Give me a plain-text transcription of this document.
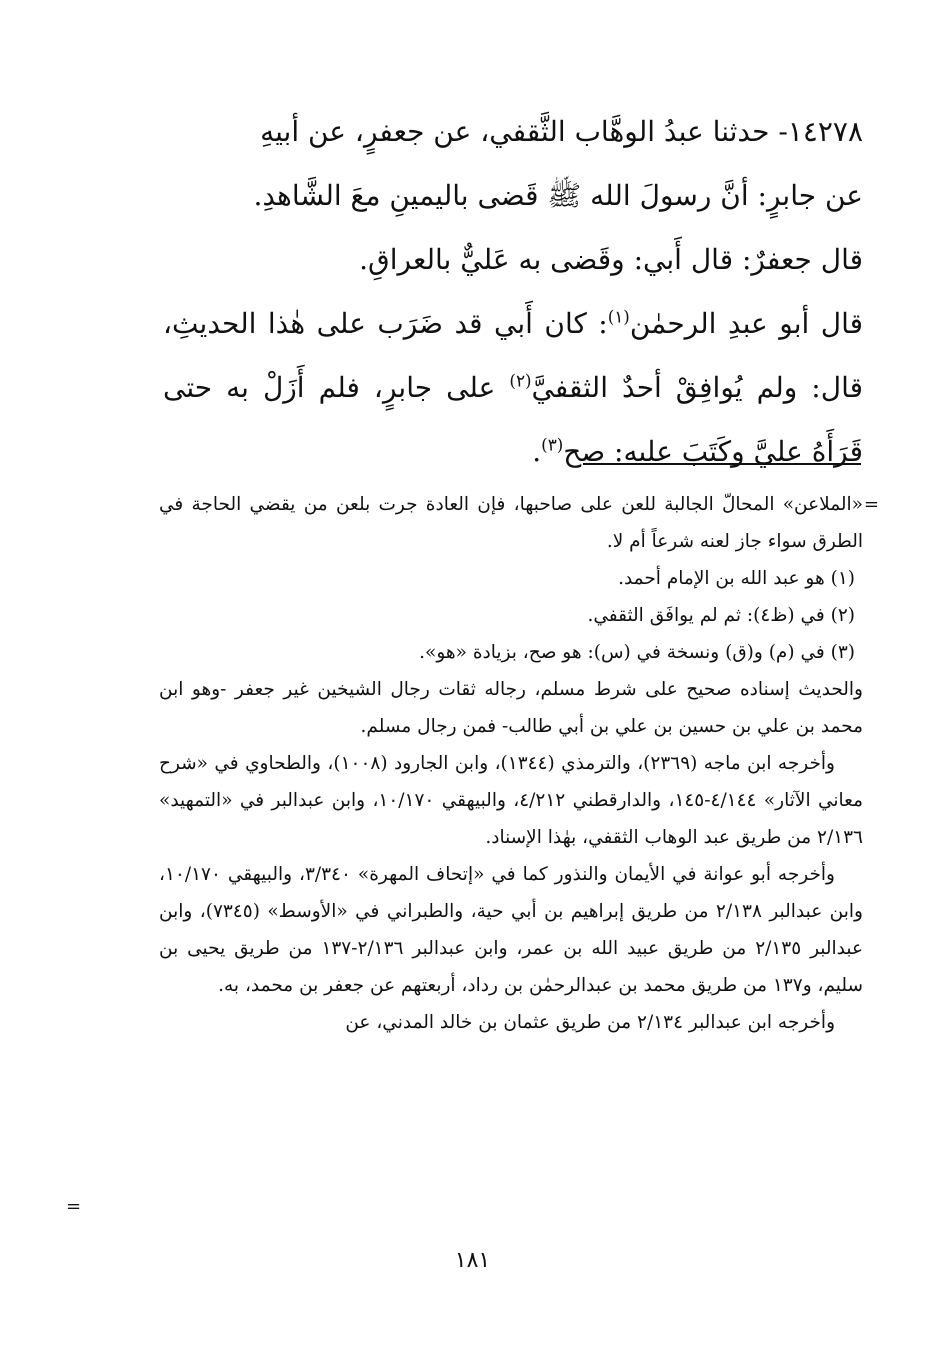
١٤٢٧٨- حدثنا عبدُ الوهَّاب الثَّقفي، عن جعفرٍ، عن أبيهِ

عن جابرٍ: أنَّ رسولَ الله ﷺ قَضى باليمينِ معَ الشَّاهدِ.

قال جعفرٌ: قال أَبي: وقَضى به عَليٌّ بالعراقِ.

قال أبو عبدِ الرحمٰن$^{(١)}$: كان أَبي قد ضَرَب على هٰذا الحديثِ، قال: ولم يُوافِقْ أحدٌ الثقفيَّ$^{(٢)}$ على جابرٍ، فلم أَزَلْ به حتى قَرَأَهُ عليَّ وكَتَبَ عليه: صح$^{(٣)}$.

=

«الملاعن» المحالّ الجالبة للعن على صاحبها، فإن العادة جرت بلعن من يقضي الحاجة في الطرق سواء جاز لعنه شرعاً أم لا.

(١) هو عبد الله بن الإمام أحمد.

(٢) في (ظ٤): ثم لم يوافَق الثقفي.

(٣) في (م) و(ق) ونسخة في (س): هو صح، بزيادة «هو».

والحديث إسناده صحيح على شرط مسلم، رجاله ثقات رجال الشيخين غير جعفر -وهو ابن محمد بن علي بن حسين بن علي بن أبي طالب- فمن رجال مسلم.

وأخرجه ابن ماجه (٢٣٦٩)، والترمذي (١٣٤٤)، وابن الجارود (١٠٠٨)، والطحاوي في «شرح معاني الآثار» ٤/١٤٤-١٤٥، والدارقطني ٤/٢١٢، والبيهقي ١٠/١٧٠، وابن عبدالبر في «التمهيد» ٢/١٣٦ من طريق عبد الوهاب الثقفي، بهٰذا الإسناد.

وأخرجه أبو عوانة في الأيمان والنذور كما في «إتحاف المهرة» ٣/٣٤٠، والبيهقي ١٠/١٧٠، وابن عبدالبر ٢/١٣٨ من طريق إبراهيم بن أبي حية، والطبراني في «الأوسط» (٧٣٤٥)، وابن عبدالبر ٢/١٣٥ من طريق عبيد الله بن عمر، وابن عبدالبر ٢/١٣٦-١٣٧ من طريق يحيى بن سليم، و١٣٧ من طريق محمد بن عبدالرحمٰن بن رداد، أربعتهم عن جعفر بن محمد، به.

وأخرجه ابن عبدالبر ٢/١٣٤ من طريق عثمان بن خالد المدني، عن

=
١٨١
